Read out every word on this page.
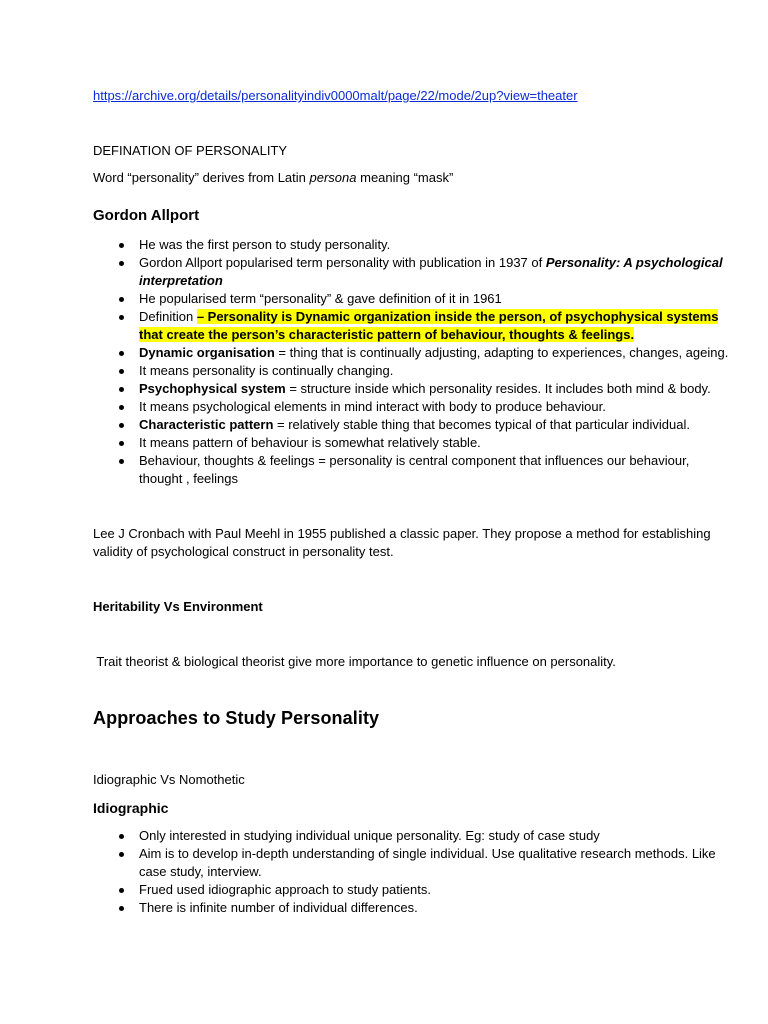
https://archive.org/details/personalityindiv0000malt/page/22/mode/2up?view=theater
DEFINATION OF PERSONALITY
Word “personality” derives from Latin persona meaning “mask”
Gordon Allport
He was the first person to study personality.
Gordon Allport popularised term personality with publication in 1937 of Personality: A psychological interpretation
He popularised term “personality” & gave definition of it in 1961
Definition – Personality is Dynamic organization inside the person, of psychophysical systems that create the person’s characteristic pattern of behaviour, thoughts & feelings.
Dynamic organisation = thing that is continually adjusting, adapting to experiences, changes, ageing.
It means personality is continually changing.
Psychophysical system = structure inside which personality resides. It includes both mind & body.
It means psychological elements in mind interact with body to produce behaviour.
Characteristic pattern = relatively stable thing that becomes typical of that particular individual.
It means pattern of behaviour is somewhat relatively stable.
Behaviour, thoughts & feelings = personality is central component that influences our behaviour, thought , feelings
Lee J Cronbach with Paul Meehl in 1955 published a classic paper. They propose a method for establishing validity of psychological construct in personality test.
Heritability Vs Environment
Trait theorist & biological theorist give more importance to genetic influence on personality.
Approaches to Study Personality
Idiographic Vs Nomothetic
Idiographic
Only interested in studying individual unique personality. Eg: study of case study
Aim is to develop in-depth understanding of single individual. Use qualitative research methods. Like case study, interview.
Frued used idiographic approach to study patients.
There is infinite number of individual differences.
